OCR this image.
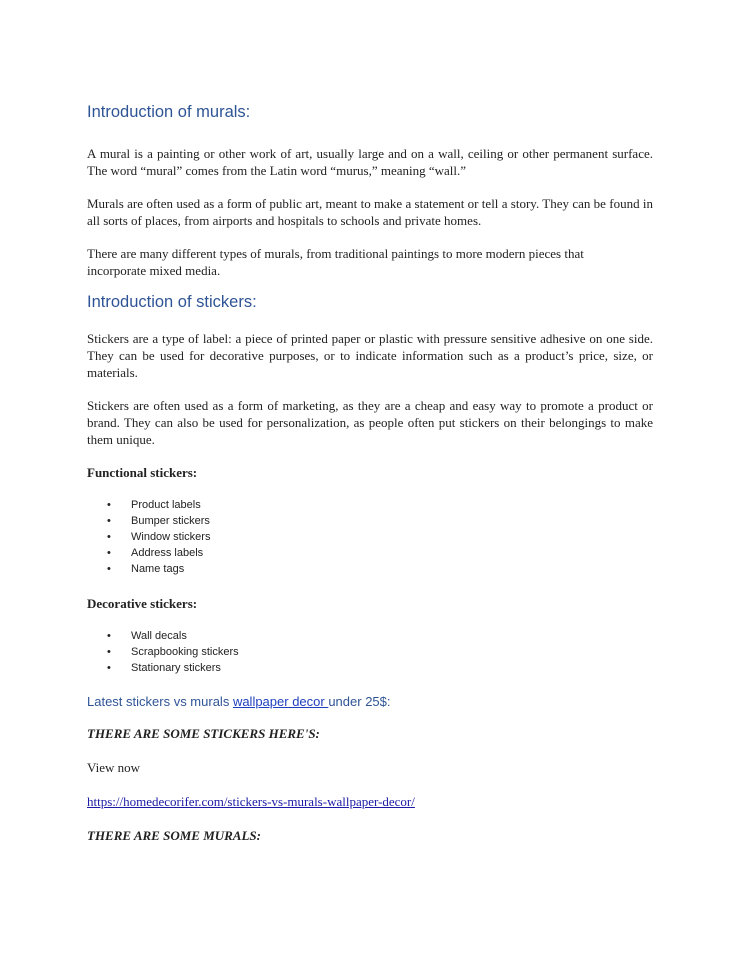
Introduction of murals:

A mural is a painting or other work of art, usually large and on a wall, ceiling or other permanent surface. The word “mural” comes from the Latin word “murus,” meaning “wall.”

Murals are often used as a form of public art, meant to make a statement or tell a story. They can be found in all sorts of places, from airports and hospitals to schools and private homes.

There are many different types of murals, from traditional paintings to more modern pieces that incorporate mixed media.

Introduction of stickers:

Stickers are a type of label: a piece of printed paper or plastic with pressure sensitive adhesive on one side. They can be used for decorative purposes, or to indicate information such as a product’s price, size, or materials.

Stickers are often used as a form of marketing, as they are a cheap and easy way to promote a product or brand. They can also be used for personalization, as people often put stickers on their belongings to make them unique.

Functional stickers:

• Product labels
• Bumper stickers
• Window stickers
• Address labels
• Name tags

Decorative stickers:

• Wall decals
• Scrapbooking stickers
• Stationary stickers

Latest stickers vs murals wallpaper decor under 25$:

THERE ARE SOME STICKERS HERE'S:

View now

https://homedecorifer.com/stickers-vs-murals-wallpaper-decor/

THERE ARE SOME MURALS:
